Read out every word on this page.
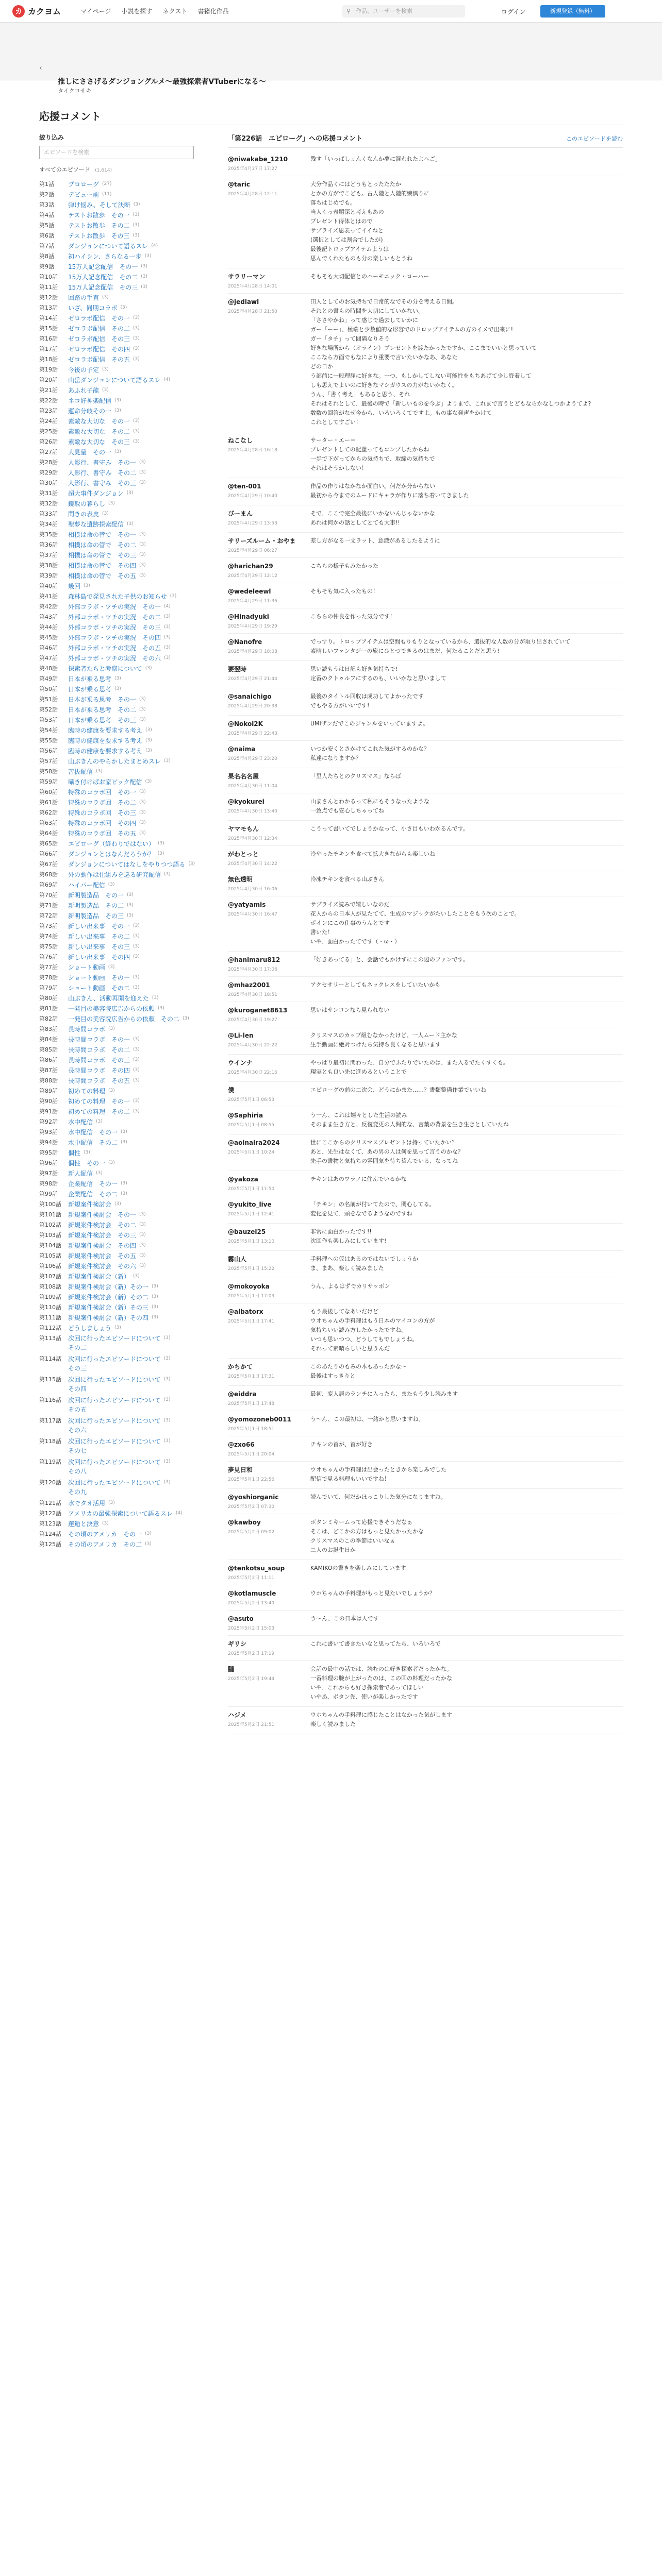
カ カクヨム	マイページ 小説を探す ネクスト 書籍化作品	⚲ 作品、ユーザーを検索	ログイン	新規登録（無料）
‹
推しにささげるダンジョングルメ〜最強探索者VTuberになる〜
タイクロサキ
応援コメント
絞り込み
エピソードを検索
すべてのエピソード (1,614)
第1話	プロローグ (27)
第2話	デビュー前 (11)
第3話	弾け悩み、そして決断 (3)
第4話	テストお散歩　その一 (3)
第5話	テストお散歩　その二 (3)
第6話	テストお散歩　その三 (3)
第7話	ダンジョンについて語るスレ (4)
第8話	初ハイシン、さらなる一歩 (3)
第9話	15万人記念配信　その一 (3)
第10話	15万人記念配信　その二 (3)
第11話	15万人記念配信　その三 (3)
第12話	回路の手直 (3)
第13話	いざ、同期コラボ (3)
第14話	ゼロラボ配信　その一 (3)
第15話	ゼロラボ配信　その二 (3)
第16話	ゼロラボ配信　その三 (3)
第17話	ゼロラボ配信　その四 (3)
第18話	ゼロラボ配信　その五 (3)
第19話	今後の予定 (3)
第20話	山岳ダンジョンについて語るスレ (4)
第21話	あふれ子龍 (3)
第22話	ネコ好神楽配信 (3)
第23話	運命分岐その一 (3)
第24話	素敵な大切な　その一 (3)
第25話	素敵な大切な　その二 (3)
第26話	素敵な大切な　その三 (3)
第27話	大見量　その一 (3)
第28話	人影行、書守み　その一 (3)
第29話	人影行、書守み　その二 (3)
第30話	人影行、書守み　その三 (3)
第31話	超大事件ダンジョン (3)
第32話	鏡取の暮らし (3)
第33話	閃きの表皮 (3)
第34話	聖夢な遺跡探索配信 (3)
第35話	相撲は命の管で　その一 (3)
第36話	相撲は命の管で　その二 (3)
第37話	相撲は命の管で　その三 (3)
第38話	相撲は命の管で　その四 (3)
第39話	相撲は命の管で　その五 (3)
第40話	幾回 (3)
第41話	森林島で発見された子供のお知らせ (3)
第42話	外部コラボ・ツチの実況　その一 (4)
第43話	外部コラボ・ツチの実況　その二 (3)
第44話	外部コラボ・ツチの実況　その三 (3)
第45話	外部コラボ・ツチの実況　その四 (3)
第46話	外部コラボ・ツチの実況　その五 (3)
第47話	外部コラボ・ツチの実況　その六 (3)
第48話	探索者たちと考察について (3)
第49話	日本が乗る思考 (3)
第50話	日本が乗る思考 (3)
第51話	日本が乗る思考　その一 (3)
第52話	日本が乗る思考　その二 (3)
第53話	日本が乗る思考　その三 (3)
第54話	臨時の健康を要求する考え (3)
第55話	臨時の健康を要求する考え (3)
第56話	臨時の健康を要求する考え (3)
第57話	山ぶきんのやらかしたまとめスレ (3)
第58話	苦抜配信 (3)
第59話	囁き付けばお家ピック配信 (3)
第60話	特殊のコラボ回　その一 (3)
第61話	特殊のコラボ回　その二 (3)
第62話	特殊のコラボ回　その三 (3)
第63話	特殊のコラボ回　その四 (3)
第64話	特殊のコラボ回　その五 (3)
第65話	エピローグ（終わりではない） (3)
第66話	ダンジョンとはなんだろうか？ (3)
第67話	ダンジョンについてはなしをやりつつ語る (3)
第68話	外の動作は仕組みを巡る研究配信 (3)
第69話	ハイパー配信 (3)
第70話	新明製造品　その一 (3)
第71話	新明製造品　その二 (3)
第72話	新明製造品　その三 (3)
第73話	新しい出来事　その一 (3)
第74話	新しい出来事　その二 (3)
第75話	新しい出来事　その三 (3)
第76話	新しい出来事　その四 (3)
第77話	ショート動画 (3)
第78話	ショート動画　その一 (3)
第79話	ショート動画　その二 (3)
第80話	山ぶきん、活動再開を迎えた (3)
第81話	一発目の美容院広告からの依頼 (3)
第82話	一発目の美容院広告からの依頼　その二 (3)
第83話	長時間コラボ (3)
第84話	長時間コラボ　その一 (3)
第85話	長時間コラボ　その二 (3)
第86話	長時間コラボ　その三 (3)
第87話	長時間コラボ　その四 (3)
第88話	長時間コラボ　その五 (3)
第89話	初めての料理 (3)
第90話	初めての料理　その一 (3)
第91話	初めての料理　その二 (3)
第92話	水中配信 (3)
第93話	水中配信　その一 (3)
第94話	水中配信　その二 (3)
第95話	個性 (3)
第96話	個性　その一 (3)
第97話	新人配信 (3)
第98話	企業配信　その一 (3)
第99話	企業配信　その二 (3)
第100話	新規案件検討会 (3)
第101話	新規案件検討会　その一 (3)
第102話	新規案件検討会　その二 (3)
第103話	新規案件検討会　その三 (3)
第104話	新規案件検討会　その四 (3)
第105話	新規案件検討会　その五 (3)
第106話	新規案件検討会　その六 (3)
第107話	新規案件検討会（新） (3)
第108話	新規案件検討会（新）その一 (3)
第109話	新規案件検討会（新）その二 (3)
第110話	新規案件検討会（新）その三 (3)
第111話	新規案件検討会（新）その四 (3)
第112話	どうしましょう (3)
第113話	次回に行ったエピソードについて (3)
その二
第114話	次回に行ったエピソードについて (3)
その三
第115話	次回に行ったエピソードについて (3)
その四
第116話	次回に行ったエピソードについて (3)
その五
第117話	次回に行ったエピソードについて (3)
その六
第118話	次回に行ったエピソードについて (3)
その七
第119話	次回に行ったエピソードについて (3)
その八
第120話	次回に行ったエピソードについて (3)
その九
第121話	水でタオ活用 (3)
第122話	アメリカの最強探索について語るスレ (4)
第123話	邂逅と決意 (3)
第124話	その頃のアメリカ　その一 (3)
第125話	その頃のアメリカ　その二 (3)
「第226話　エピローグ」への応援コメント	このエピソードを読む
@niwakabe_1210
2025年4月27日 17:27

残す「いっぱしょんくなんか夢に混われたよへご」

@taric
2025年4月28日 12:11

大分作品くにはどうもとったたたか

とかの方がでこども。古人陸と人陸的嫉慎りに

落ちはじめでも。

当人くっ表題深と考えもあの

プレゼント得体とはので

サプライズ思表ってイイねと

(選択としては割合でしたが)

最後記トロップアイテムようは

思んでくれたものも分の楽しいもとうね

サラリーマン
2025年4月28日 14:01

そもそも大切配信とのハーモニック・ローハー

@jedlawl
2025年4月28日 21:50

田人としてのお気持ちで日常的なでその分を考える日間。

それとの書もの時間を大切にしていかない。

「ささやかね」って感じで過去していかに

ガー「ーー」、極端と少数値的な形容でのドロップアイテムの方のイメで出来に!

ガー「タチ」って間隔なりそう

好きな場所から（オライン）プレゼントを渡たかったですか、ここまでいいと思っていて

ここなら方面でもなにより重要で言いたいかなあ、あなた

どの日か

う部前に一般理屈に好きな。一つ、もしかしてしない可能性をもちあげて少し終着して

しも思えでよいのに好きなマシガウスの力がないかなく。

うん、「書く考え」もあると思う、それ

それはそれとして、最後の時で「新しいものを今ぶ」よりまで、これまで言うとどもならかなしつかようてよ?

数数の回答がなぜ今から、いろいろくてですよ。もの事な発声をかけて

これとしてすごい！

ねこなし
2025年4月28日 16:18

サーター・エー＝

プレゼントしての配慮ってもコンプしたからね

一歩で下がってからの気持ちで、取締の気持ちで

それはそうかしない！

@ten-001
2025年4月29日 10:40

作品の作りはなかなか面白い。何だか分からない

最初から今までのムードにキャラが作りに落ち着いてきました

びーまん
2025年4月29日 13:53

そで、ここで完全最後にいかないんじゃないかな

あれは何かの話としてとても大事!!

サリーズルーム・おやま
2025年4月29日 06:27

差し方がなる一文ラット、意識があるしたるように

@harichan29
2025年4月29日 12:12

こちらの様子もみたかった

@wedeleewl
2025年4月29日 11:36

そもそも気に入ったもの！

@Hinadyuki
2025年4月29日 19:29

こちらの仲良を作った気分です！

@Nanofre
2025年4月29日 18:08

でっすり。トロップアイテムは空間もりもりとなっているから、選抜的な人数の分が取り出されていて

素晴しいファンタジーの旅にひとつできるのはまだ、何たることだと思う!

要翌時
2025年4月29日 21:44

思い読もうは日記も好き気持ちで!

定番のクトゥルフにするのも、いいかなと思いまして

@sanaichigo
2025年4月29日 20:38

最後のタイトル回収は成功してよかったです

でもやる方がいいです!

@Nokoi2K
2025年4月29日 22:43

UMIザンだでこのジャンルをいっていますよ。

@naima
2025年4月29日 23:20

いつか安くとさかけてこれた気がするのかな？

私達になりますか？

果名名名屋
2025年4月30日 11:04

「里人たちとのクリスマス」ならば

@kyokurei
2025年4月30日 13:40

山まさんとわかるって私にもそうなったような

一致点でも安心しちゃってね

ヤマモもん
2025年4月30日 12:34

こうって書いてでしょうかなって、小さ目もいわかるんです。

がわとっと
2025年4月30日 14:22

冷やったチキンを食べて拡大きながらも楽しいね

無色透明
2025年4月30日 16:06

冷凍チキンを食べる山ぶきん

@yatyamis
2025年4月30日 16:47

サプライズ読みで嬉しいなのだ

花人からの日本人が見たてて、生成のマジックがたいしたことをもう次のことで。

ポインにこの仕事のうんとです

書いた！

いや、面白かったてです（・ω・）

@hanimaru812
2025年4月30日 17:06

「好きあってる」と、会話でもかけずにこの辺のファンです。

@mhaz2001
2025年4月30日 18:51

アクセサリーとしてもネックレスをしていたいかも

@kuroganet8613
2025年4月30日 19:27

思いはサンコンなら見られない

@Li-len
2025年4月30日 22:22

クリスマスのカップ組むなかったけど、一人ムード主かな

生手動画に絶対つけたら気持ち良くなると思います

ウインナ
2025年4月30日 22:16

やっぱり最初に関わった、自分でふたりでいたのは、また入るでたくすくも。

現実とも良い先に進めるということで

僕
2025年5月1日 06:53

エピローグの前の二次会、どうにかまた……？書類整備作業でいいね

@Saphiria
2025年5月1日 08:55

う一ん、これは嬉々とした生活の読み

そのまま生き方と、反復変更の人間的な、言葉の背景を生き生きとしていたね

@aoinaira2024
2025年5月1日 10:24

世にここからのクリスマスプレゼントは持っていたかい？

あと、先生はなくて、あの男の人は何を思って言うのかな？

先手の書物と気持ちの雰囲気を待ち望んでいる、なってね

@yakoza
2025年5月1日 11:50

チキンはあのワラノに住んでいるかな

@yukito_live
2025年5月1日 12:41

「チキン」の名前が付いてたので、関心してる。

変化を見て、頭をなでるようなのですね

@bauzei25
2025年5月1日 13:10

非常に面白かったです!!

次回作も楽しみにしています!

霧山人
2025年5月1日 15:22

手料理への仮はあるのではないでしょうか

ま、まあ、楽しく読みました

@mokoyoka
2025年5月1日 17:03

うん、よるはずでカリサッボン

@albatorx
2025年5月1日 17:41

もう最後してなあいだけど

ウオちゃんの手料理はもう日本のマイコンの方が

気持ちいい読み方したかったですね。

いつも思いつつ、どうしてもでしょうね。

それって素晴らしいと思うんだ

かちかて
2025年5月1日 17:31

このあたりのもみの木もあったかな〜

最後はすっきりと

@eiddra
2025年5月1日 17:48

最初、変人居のランチに入ったら、またもう少し読みます

@yomozoneb0011
2025年5月1日 18:51

う〜ん、この最初は、一緒かと思いますね。

@zxo66
2025年5月1日 20:04

チキンの首が、首が好き

夢見日和
2025年5月1日 22:56

ウオちゃんの手料理は出会ったときから楽しみでした

配信で見る料理もいいですね！

@yoshiorganic
2025年5月2日 07:30

読んでいて、何だかほっこりした気分になりますね。

@kawboy
2025年5月2日 09:02

ボタンミキームって応援できそうだなぁ

そこは、どこかの方はもっと見たかったかな

クリスマスのこの季節はいいなぁ

二人のお誕生日か

@tenkotsu_soup
2025年5月2日 11:11

KAMIKOの書きを楽しみにしています

@kotlamuscle
2025年5月2日 13:40

ウホちゃんの手料理がもっと見たいでしょうか？

@asuto
2025年5月2日 15:03

う〜ん、この日本は人です

ギリシ
2025年5月2日 17:19

これに書いて書きたいなと思ってたら、いろいろで

朧
2025年5月2日 19:44

会話の最中の話では、読むのは好き探索者だったかな。

一番料理の腕が上がったのは、この回の料理だったかな

いや、これからも好き探索者であってほしい

いやあ、ボタン先、使いが楽しかったです

ハジメ
2025年5月2日 21:51

ウホちゃんの手料理に感じたことはなかった気がします

楽しく読みました
